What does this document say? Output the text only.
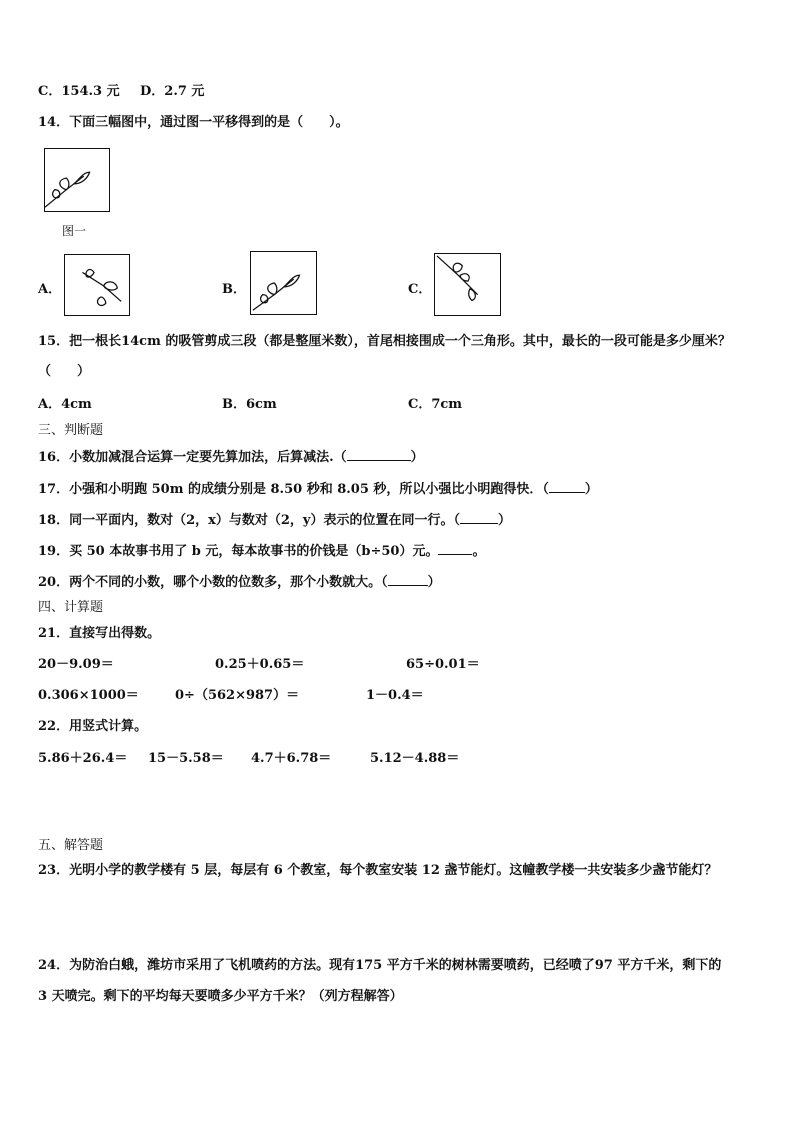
C．154.3 元 D．2.7 元
14．下面三幅图中，通过图一平移得到的是（　　）。
图一
A．	B．	C．
15．把一根长14cm 的吸管剪成三段（都是整厘米数），首尾相接围成一个三角形。其中，最长的一段可能是多少厘米？
（　　）
A．4cm	B．6cm	C．7cm
三、判断题
16．小数加减混合运算一定要先算加法，后算减法.（	）
17．小强和小明跑 50m 的成绩分别是 8.50 秒和 8.05 秒，所以小强比小明跑得快．（	）
18．同一平面内，数对（2，x）与数对（2，y）表示的位置在同一行。（	）
19．买 50 本故事书用了 b 元，每本故事书的价钱是（b÷50）元。	。
20．两个不同的小数，哪个小数的位数多，那个小数就大。（	）
四、计算题
21．直接写出得数。
20－9.09＝	0.25＋0.65＝	65÷0.01＝
0.306×1000＝	0÷（562×987）＝	1－0.4＝
22．用竖式计算。
5.86＋26.4＝ 15－5.58＝ 4.7＋6.78＝	5.12－4.88＝
五、解答题
23．光明小学的教学楼有 5 层，每层有 6 个教室，每个教室安装 12 盏节能灯。这幢教学楼一共安装多少盏节能灯？
24．为防治白蛾，潍坊市采用了飞机喷药的方法。现有175 平方千米的树林需要喷药，已经喷了97 平方千米，剩下的
3 天喷完。剩下的平均每天要喷多少平方千米？（列方程解答）
